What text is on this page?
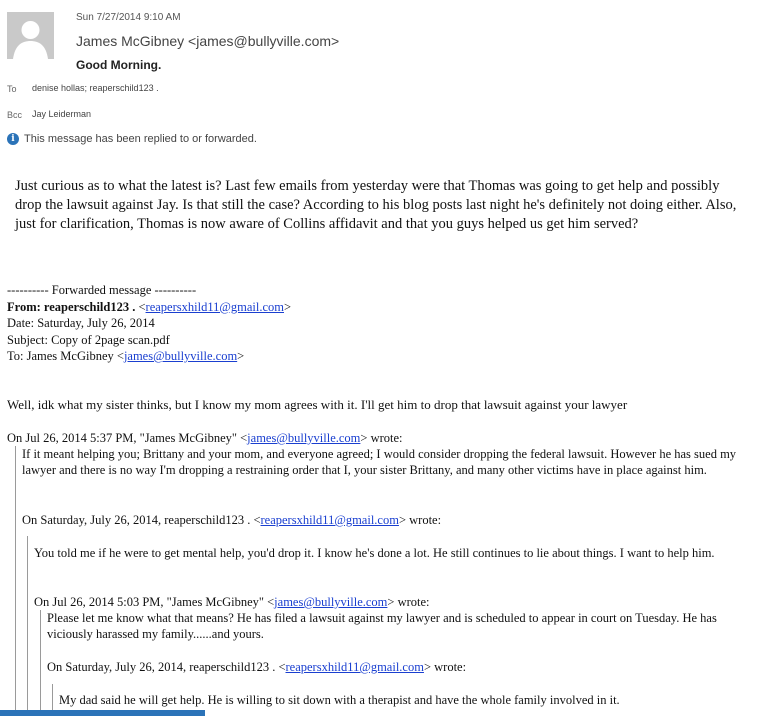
Sun 7/27/2014 9:10 AM
James McGibney <james@bullyville.com>
Good Morning.
To denise hollas; reaperschild123 .
Bcc Jay Leiderman
i This message has been replied to or forwarded.
Just curious as to what the latest is? Last few emails from yesterday were that Thomas was going to get help and possibly drop the lawsuit against Jay. Is that still the case? According to his blog posts last night he's definitely not doing either. Also, just for clarification, Thomas is now aware of Collins affidavit and that you guys helped us get him served?
---------- Forwarded message ----------
From: reaperschild123 . <reapersxhild11@gmail.com>
Date: Saturday, July 26, 2014
Subject: Copy of 2page scan.pdf
To: James McGibney <james@bullyville.com>
Well, idk what my sister thinks, but I know my mom agrees with it. I'll get him to drop that lawsuit against your lawyer
On Jul 26, 2014 5:37 PM, "James McGibney" <james@bullyville.com> wrote:
If it meant helping you; Brittany and your mom, and everyone agreed; I would consider dropping the federal lawsuit. However he has sued my lawyer and there is no way I'm dropping a restraining order that I, your sister Brittany, and many other victims have in place against him.
On Saturday, July 26, 2014, reaperschild123 . <reapersxhild11@gmail.com> wrote:
You told me if he were to get mental help, you'd drop it. I know he's done a lot. He still continues to lie about things. I want to help him.
On Jul 26, 2014 5:03 PM, "James McGibney" <james@bullyville.com> wrote:
Please let me know what that means? He has filed a lawsuit against my lawyer and is scheduled to appear in court on Tuesday. He has viciously harassed my family......and yours.
On Saturday, July 26, 2014, reaperschild123 . <reapersxhild11@gmail.com> wrote:
My dad said he will get help. He is willing to sit down with a therapist and have the whole family involved in it.
